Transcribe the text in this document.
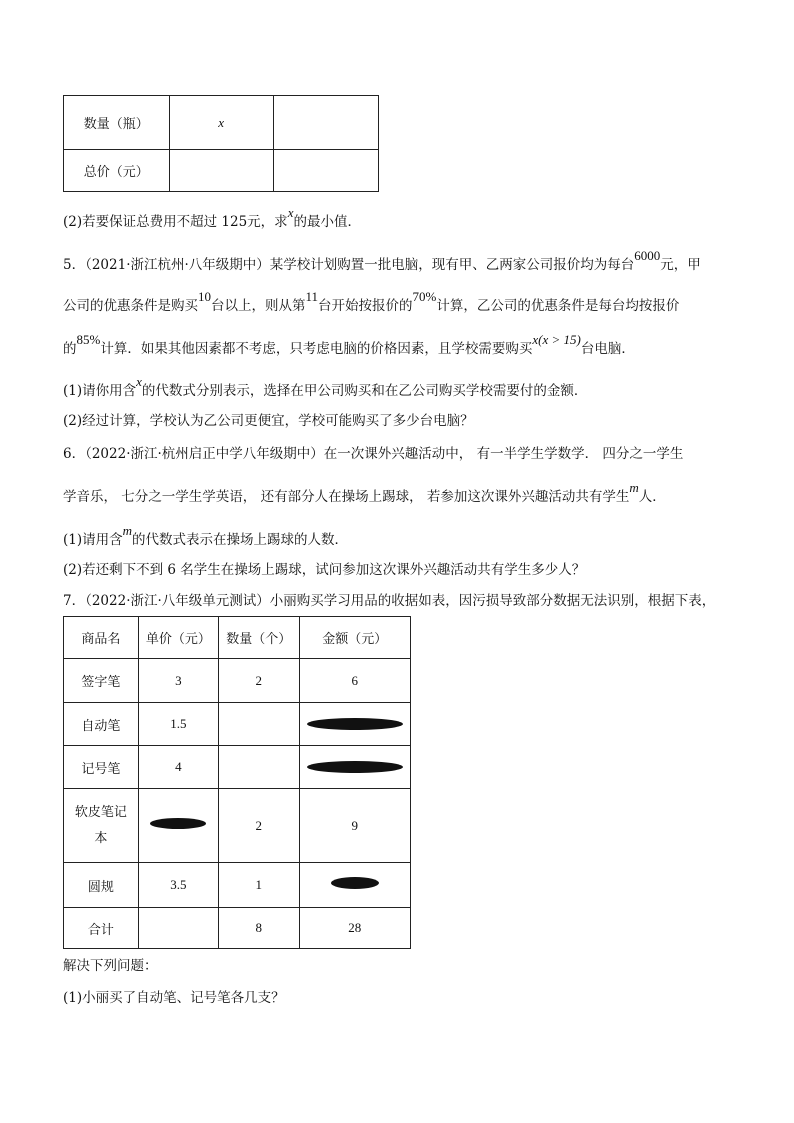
数量（瓶）	x	
总价（元）		
(2)若要保证总费用不超过 125元，求x的最小值．
5．（2021·浙江杭州·八年级期中）某学校计划购置一批电脑，现有甲、乙两家公司报价均为每台6000元，甲
公司的优惠条件是购买10台以上，则从第11台开始按报价的70%计算，乙公司的优惠条件是每台均按报价
的85%计算．如果其他因素都不考虑，只考虑电脑的价格因素，且学校需要购买x(x > 15)台电脑．
(1)请你用含x的代数式分别表示，选择在甲公司购买和在乙公司购买学校需要付的金额．
(2)经过计算，学校认为乙公司更便宜，学校可能购买了多少台电脑？
6．（2022·浙江·杭州启正中学八年级期中）在一次课外兴趣活动中， 有一半学生学数学． 四分之一学生
学音乐， 七分之一学生学英语， 还有部分人在操场上踢球， 若参加这次课外兴趣活动共有学生m人．
(1)请用含m的代数式表示在操场上踢球的人数．
(2)若还剩下不到 6 名学生在操场上踢球，试问参加这次课外兴趣活动共有学生多少人？
7．（2022·浙江·八年级单元测试）小丽购买学习用品的收据如表，因污损导致部分数据无法识别，根据下表，
商品名	单价（元）	数量（个）	金额（元）
签字笔	3	2	6
自动笔	1.5		
记号笔	4		
软皮笔记
本		2	9
圆规	3.5	1	
合计		8	28
解决下列问题：
(1)小丽买了自动笔、记号笔各几支？
